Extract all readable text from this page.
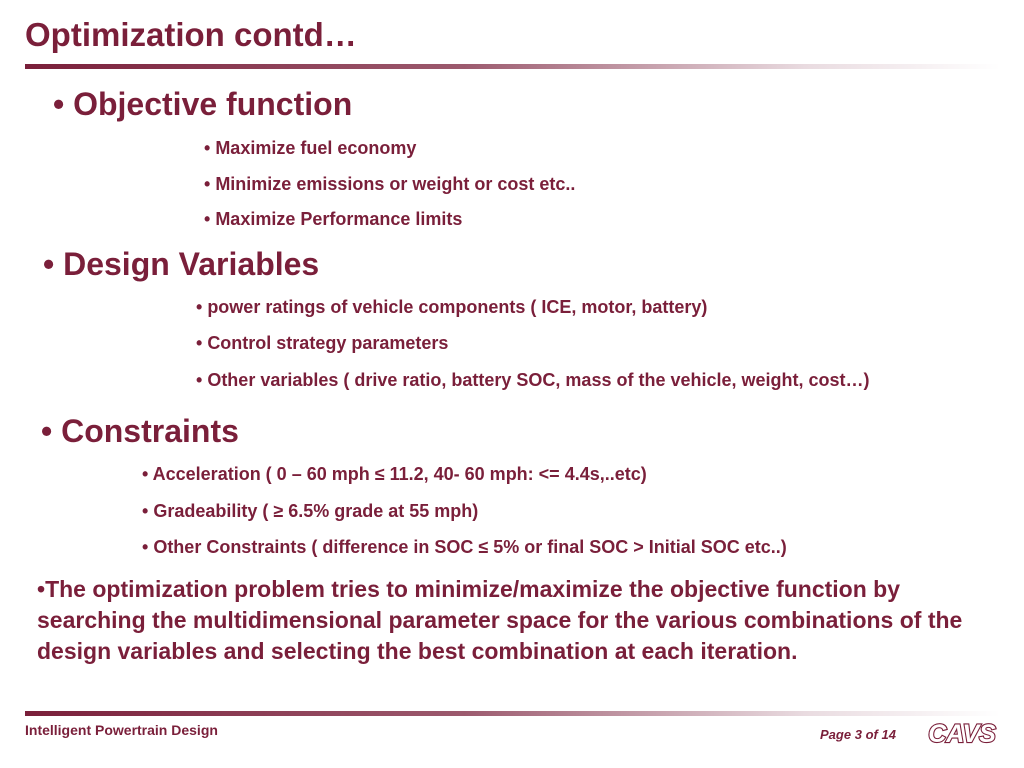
Optimization contd…
• Objective function
• Maximize fuel economy
• Minimize emissions or weight or cost etc..
• Maximize Performance limits
• Design Variables
• power ratings of vehicle components ( ICE, motor, battery)
• Control strategy parameters
• Other variables ( drive ratio, battery SOC, mass of the vehicle, weight, cost…)
• Constraints
• Acceleration ( 0 – 60 mph ≤ 11.2, 40- 60 mph: <= 4.4s,..etc)
• Gradeability ( ≥ 6.5% grade at 55 mph)
• Other Constraints ( difference in SOC ≤ 5% or final SOC > Initial SOC etc..)
•The optimization problem tries to minimize/maximize the objective function by searching the multidimensional parameter space for the various combinations of the design variables and selecting the best combination at each iteration.
Intelligent Powertrain Design	Page 3 of 14 CAVS
